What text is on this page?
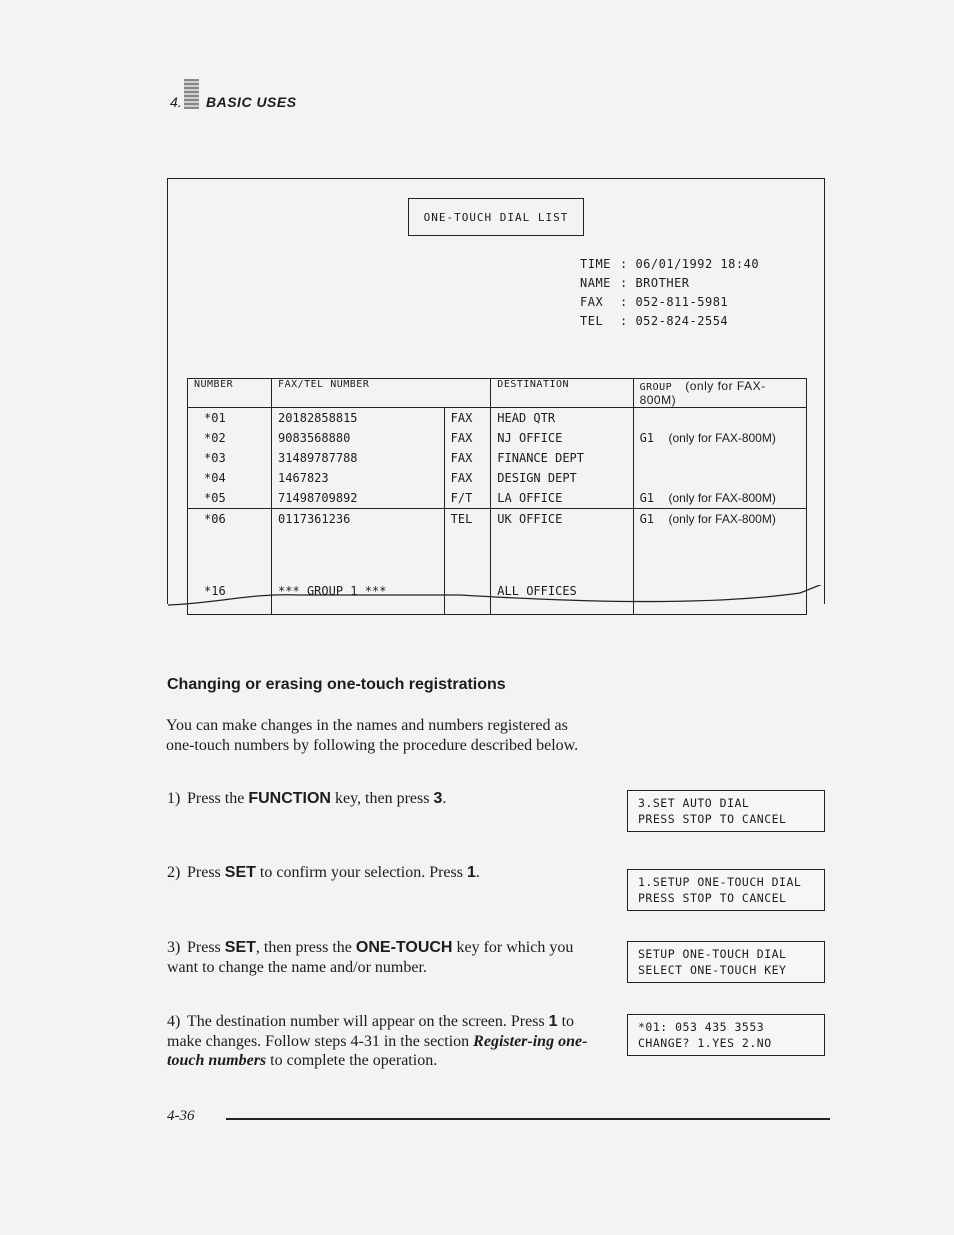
4. BASIC USES
ONE-TOUCH DIAL LIST
TIME : 06/01/1992 18:40
NAME : BROTHER
FAX : 052-811-5981
TEL : 052-824-2554
NUMBER	FAX/TEL NUMBER		DESTINATION	GROUP (only for FAX-800M)
*01	20182858815	FAX	HEAD QTR	
*02	9083568880	FAX	NJ OFFICE	G1 (only for FAX-800M)
*03	31489787788	FAX	FINANCE DEPT	
*04	1467823	FAX	DESIGN DEPT	
*05	71498709892	F/T	LA OFFICE	G1 (only for FAX-800M)
*06	0117361236	TEL	UK OFFICE	G1 (only for FAX-800M)
*16	*** GROUP 1 ***		ALL OFFICES	
Changing or erasing one-touch registrations
You can make changes in the names and numbers registered as one-touch numbers by following the procedure described below.
1) Press the FUNCTION key, then press 3.	3.SET AUTO DIAL
PRESS STOP TO CANCEL
2) Press SET to confirm your selection. Press 1.
1.SETUP ONE-TOUCH DIAL
PRESS STOP TO CANCEL
3) Press SET, then press the ONE-TOUCH key for which you want to change the name and/or number.
SETUP ONE-TOUCH DIAL
SELECT ONE-TOUCH KEY
4) The destination number will appear on the screen. Press 1 to make changes. Follow steps 4-31 in the section Register-ing one-touch numbers to complete the operation.
*01: 053 435 3553
CHANGE? 1.YES 2.NO
4-36
